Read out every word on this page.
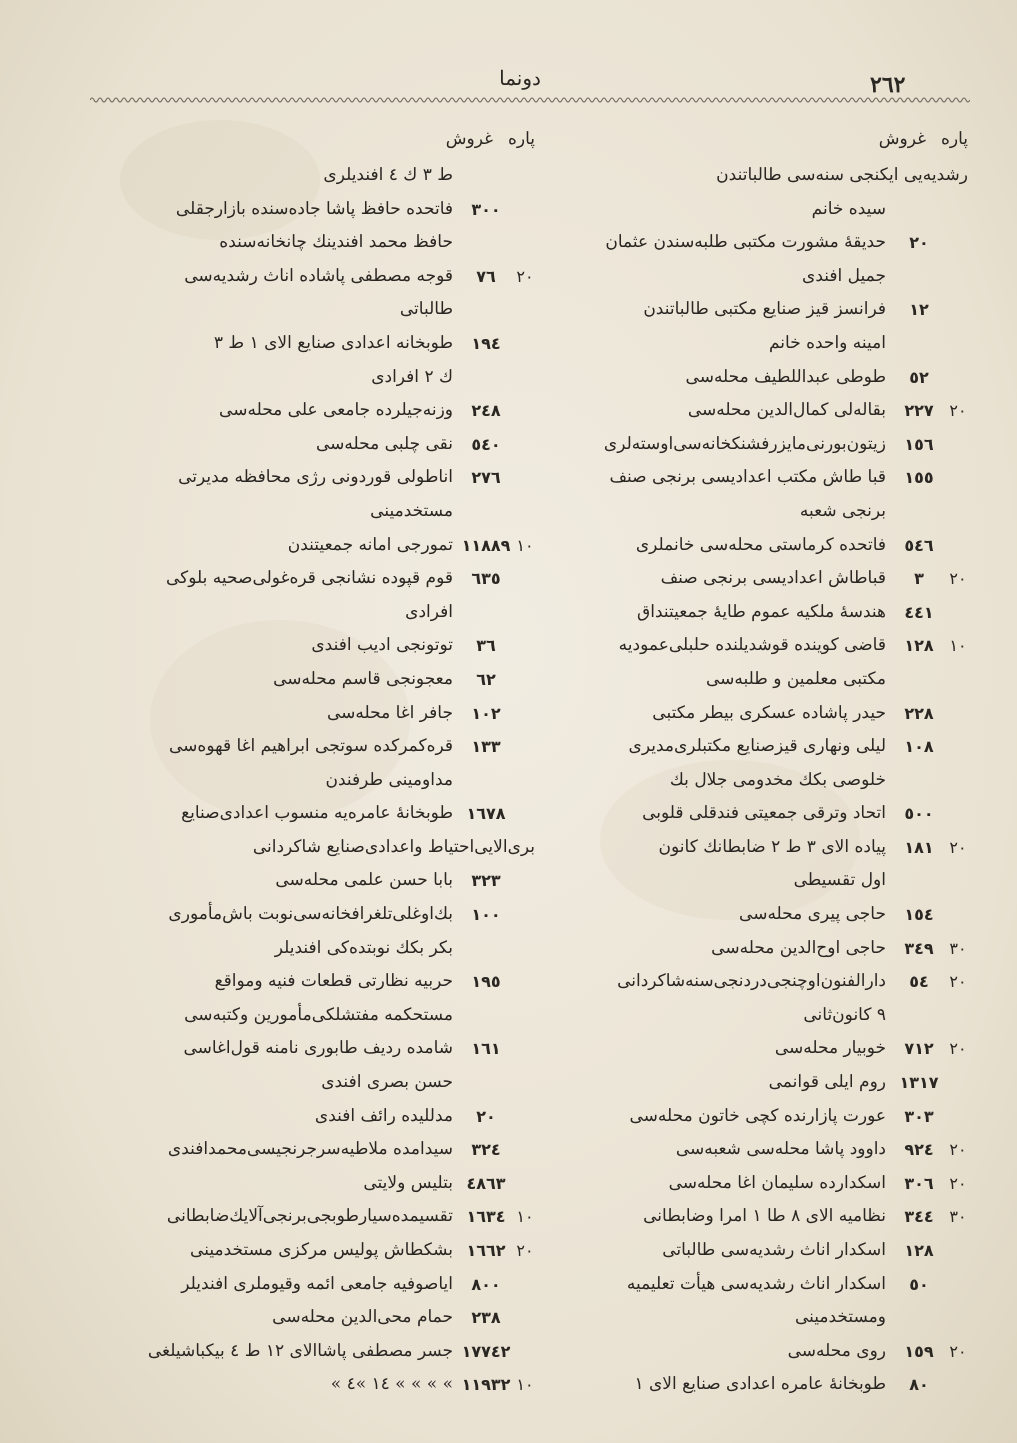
۲٦۲
دونما
پاره
غروش
رشدیه‌یی ایکنجی سنه‌سی طالباتندن
سیده خانم
۲۰
حدیقهٔ مشورت مکتبی طلبه‌سندن عثمان
جمیل افندی
۱۲
فرانسز قیز صنایع مکتبی طالباتندن
امینه واحده خانم
٥۲
طوطی عبداللطیف محله‌سی
۲۰
۲۲۷
بقاله‌لی کمال‌الدین محله‌سی
۱٥٦
زیتون‌بورنی‌مایزرفشنکخانه‌سی‌اوسته‌لری
۱٥٥
قبا طاش مکتب اعدادیسی برنجی صنف
برنجی شعبه
٥٤٦
فاتحده کرماستی محله‌سی خانملری
۲۰
۳
قباطاش اعدادیسی برنجی صنف
٤٤۱
هندسهٔ ملکیه عموم طایهٔ جمعیتنداق
۱۰
۱۲۸
قاضی کوینده قوشدیلنده حلبلی‌عمودیه
مکتبی معلمین و طلبه‌سی
۲۲۸
حیدر پاشاده عسکری بیطر مکتبی
۱۰۸
لیلی ونهاری قیزصنایع مکتبلری‌مدیری
خلوصی بکك مخدومی جلال بك
٥۰۰
اتحاد وترقی جمعیتی فندقلی قلوبی
۲۰
۱۸۱
پیاده الای ۳ ط ۲ ضابطانك کانون
اول تقسیطی
۱٥٤
حاجی پیری محله‌سی
۳۰
۳٤۹
حاجی اوح‌الدین محله‌سی
۲۰
٥٤
دارالفنون‌اوچنجی‌دردنجی‌سنه‌شاکردانی
۹ کانون‌ثانی
۲۰
۷۱۲
خوبیار محله‌سی
۱۳۱۷
روم ایلی قوانمی
۳۰۳
عورت پازارنده کچی خاتون محله‌سی
۲۰
۹۲٤
داوود پاشا محله‌سی شعبه‌سی
۲۰
۳۰٦
اسکدارده سلیمان اغا محله‌سی
۳۰
۳٤٤
نظامیه الای ۸ طا ۱ امرا وضابطانی
۱۲۸
اسکدار اناث رشدیه‌سی طالباتی
٥۰
اسکدار اناث رشدیه‌سی هیأت تعلیمیه
ومستخدمینی
۲۰
۱٥۹
روی محله‌سی
۸۰
طوبخانهٔ عامره اعدادی صنایع الای ۱
پاره
غروش
ط ۳ ك ٤ افندیلری
۳۰۰
فاتحده حافظ پاشا جاده‌سنده بازارجقلی
حافظ محمد افندینك چانخانه‌سنده
۲۰
۷٦
قوجه مصطفی پاشاده اناث رشدیه‌سی
طالباتی
۱۹٤
طوبخانه اعدادی صنایع الای ۱ ط ۳
ك ۲ افرادی
۲٤۸
وزنه‌جیلرده جامعی علی محله‌سی
٥٤۰
نقی چلبی محله‌سی
۲۷٦
اناطولی قوردونی رژی محافظه مدیرتی
مستخدمینی
۱۰
۱۱۸۸۹
تمورجی امانه جمعیتندن
٦۳٥
قوم قپوده نشانجی قره‌غولی‌صحیه بلوکی
افرادی
۳٦
توتونجی ادیب افندی
٦۲
معجونجی قاسم محله‌سی
۱۰۲
جافر اغا محله‌سی
۱۳۳
قره‌کمرکده سوتجی ابراهیم اغا قهوه‌سی
مداومینی طرفندن
۱٦۷۸
طوبخانهٔ عامره‌یه منسوب اعدادی‌صنایع
بری‌الایی‌احتیاط‌ واعدادی‌صنایع شاکردانی
۳۲۳
بابا حسن علمی محله‌سی
۱۰۰
بك‌اوغلی‌تلغرافخانه‌سی‌نوبت باش‌مأموری
بکر بکك نوبتده‌کی افندیلر
۱۹٥
حربیه نظارتی قطعات فنیه ومواقع
مستحکمه مفتشلکی‌مأمورین وکتبه‌سی
۱٦۱
شامده ردیف طابوری نامنه قول‌اغاسی
حسن بصری افندی
۲۰
مدللیده رائف افندی
۳۲٤
سیدامده ملاطیه‌سرجرنجیسی‌محمدافندی
٤۸٦۳
بتلیس ولایتی
۱۰
۱٦۳٤
تقسیمده‌سیارطوبجی‌برنجی‌آلایك‌ضابطانی
۲۰
۱٦٦۲
بشکطاش پولیس مرکزی مستخدمینی
۸۰۰
ایاصوفیه جامعی ائمه وقیوملری افندیلر
۲۳۸
حمام محی‌الدین محله‌سی
۱۷۷٤۲
جسر مصطفی پاشاالای ۱۲ ط ٤ بیکباشیلغی
۱۰
۱۱۹۳۲
» » » » ۱٤ »٤ »
